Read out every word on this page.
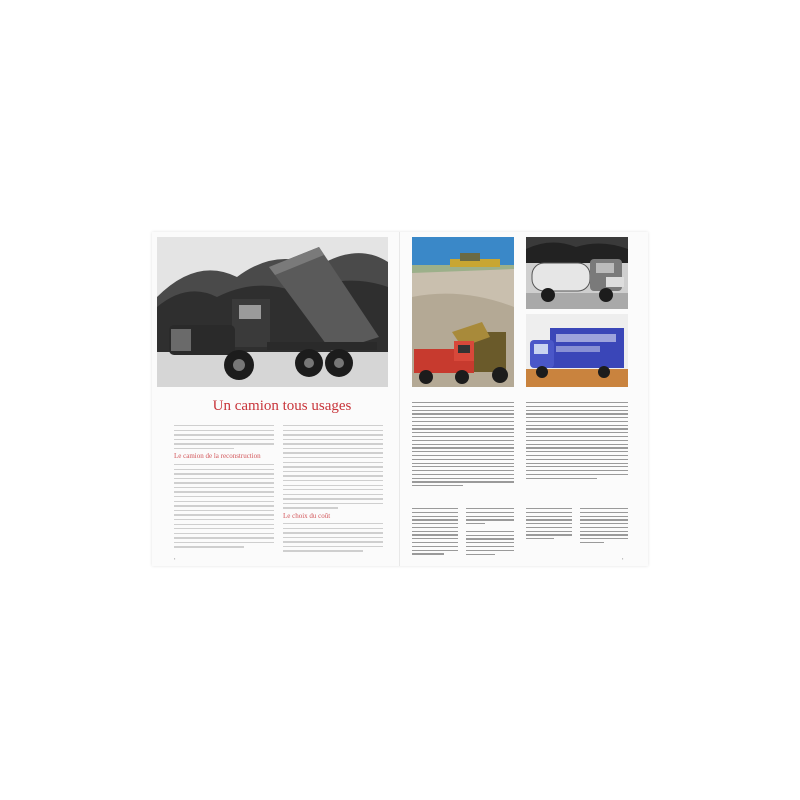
Un camion tous usages
Le camion de la reconstruction
Le choix du coût
▪	▪
